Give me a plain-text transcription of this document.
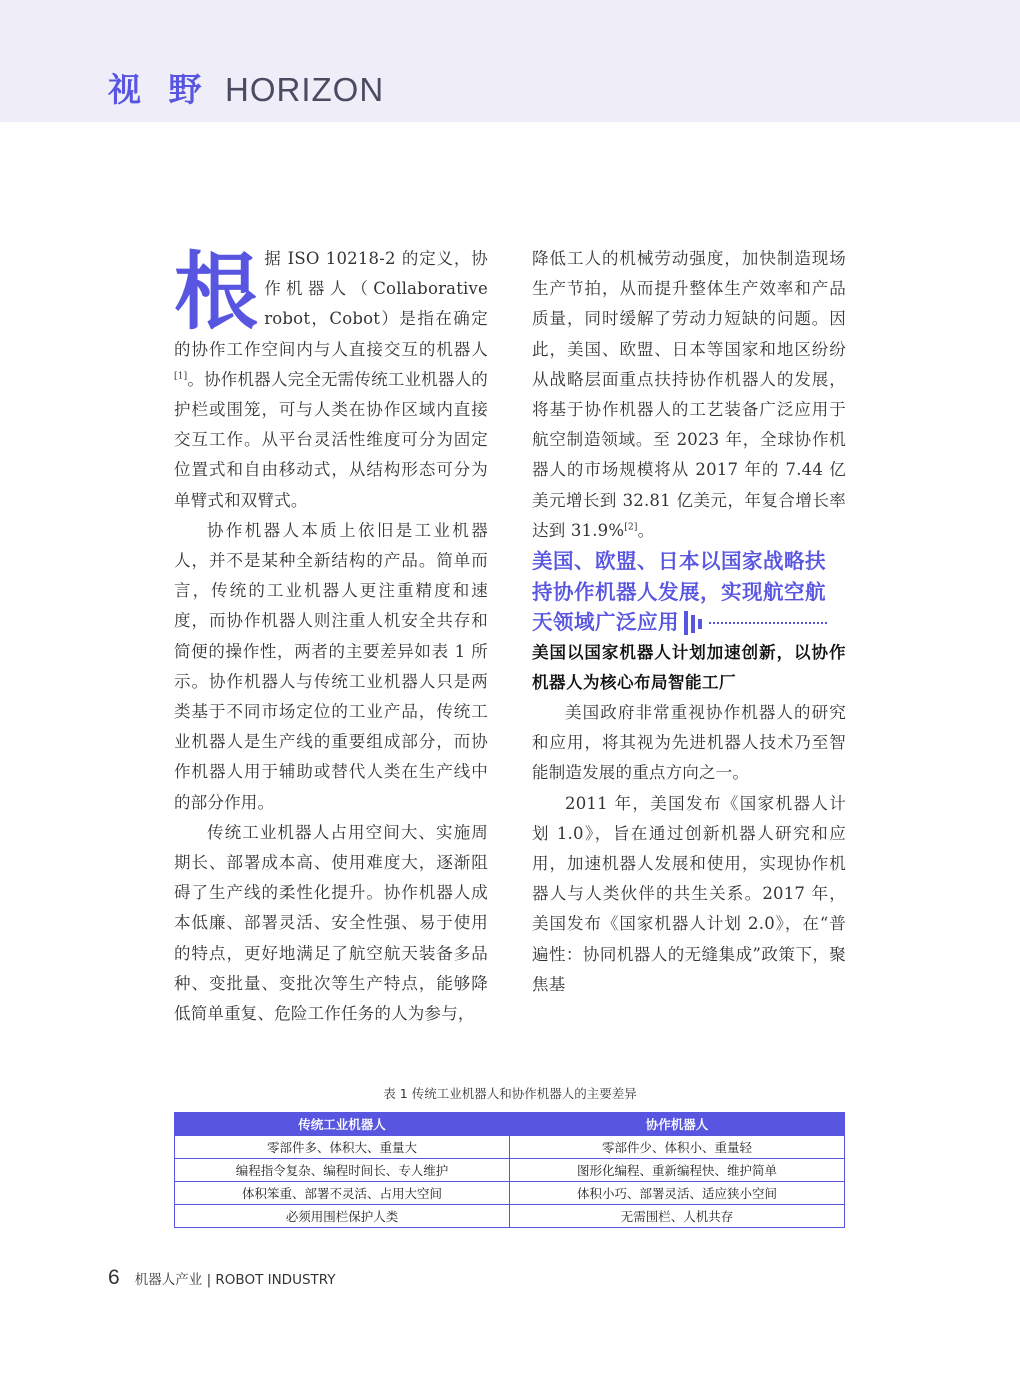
视 野 HORIZON

根据 ISO 10218-2 的定义，协作机器人（Collaborative robot，Cobot）是指在确定的协作工作空间内与人直接交互的机器人[1]。协作机器人完全无需传统工业机器人的护栏或围笼，可与人类在协作区域内直接交互工作。从平台灵活性维度可分为固定位置式和自由移动式，从结构形态可分为单臂式和双臂式。

协作机器人本质上依旧是工业机器人，并不是某种全新结构的产品。简单而言，传统的工业机器人更注重精度和速度，而协作机器人则注重人机安全共存和简便的操作性，两者的主要差异如表 1 所示。协作机器人与传统工业机器人只是两类基于不同市场定位的工业产品，传统工业机器人是生产线的重要组成部分，而协作机器人用于辅助或替代人类在生产线中的部分作用。

传统工业机器人占用空间大、实施周期长、部署成本高、使用难度大，逐渐阻碍了生产线的柔性化提升。协作机器人成本低廉、部署灵活、安全性强、易于使用的特点，更好地满足了航空航天装备多品种、变批量、变批次等生产特点，能够降低简单重复、危险工作任务的人为参与，

降低工人的机械劳动强度，加快制造现场生产节拍，从而提升整体生产效率和产品质量，同时缓解了劳动力短缺的问题。因此，美国、欧盟、日本等国家和地区纷纷从战略层面重点扶持协作机器人的发展，将基于协作机器人的工艺装备广泛应用于航空制造领域。至 2023 年，全球协作机器人的市场规模将从 2017 年的 7.44 亿美元增长到 32.81 亿美元，年复合增长率达到 31.9%[2]。

美国、欧盟、日本以国家战略扶持协作机器人发展，实现航空航天领域广泛应用

美国以国家机器人计划加速创新，以协作机器人为核心布局智能工厂

美国政府非常重视协作机器人的研究和应用，将其视为先进机器人技术乃至智能制造发展的重点方向之一。

2011 年，美国发布《国家机器人计划 1.0》，旨在通过创新机器人研究和应用，加速机器人发展和使用，实现协作机器人与人类伙伴的共生关系。2017 年，美国发布《国家机器人计划 2.0》，在“普遍性：协同机器人的无缝集成”政策下，聚焦基

表 1 传统工业机器人和协作机器人的主要差异
传统工业机器人	协作机器人
零部件多、体积大、重量大	零部件少、体积小、重量轻
编程指令复杂、编程时间长、专人维护	图形化编程、重新编程快、维护简单
体积笨重、部署不灵活、占用大空间	体积小巧、部署灵活、适应狭小空间
必须用围栏保护人类	无需围栏、人机共存
6 机器人产业 | ROBOT INDUSTRY
